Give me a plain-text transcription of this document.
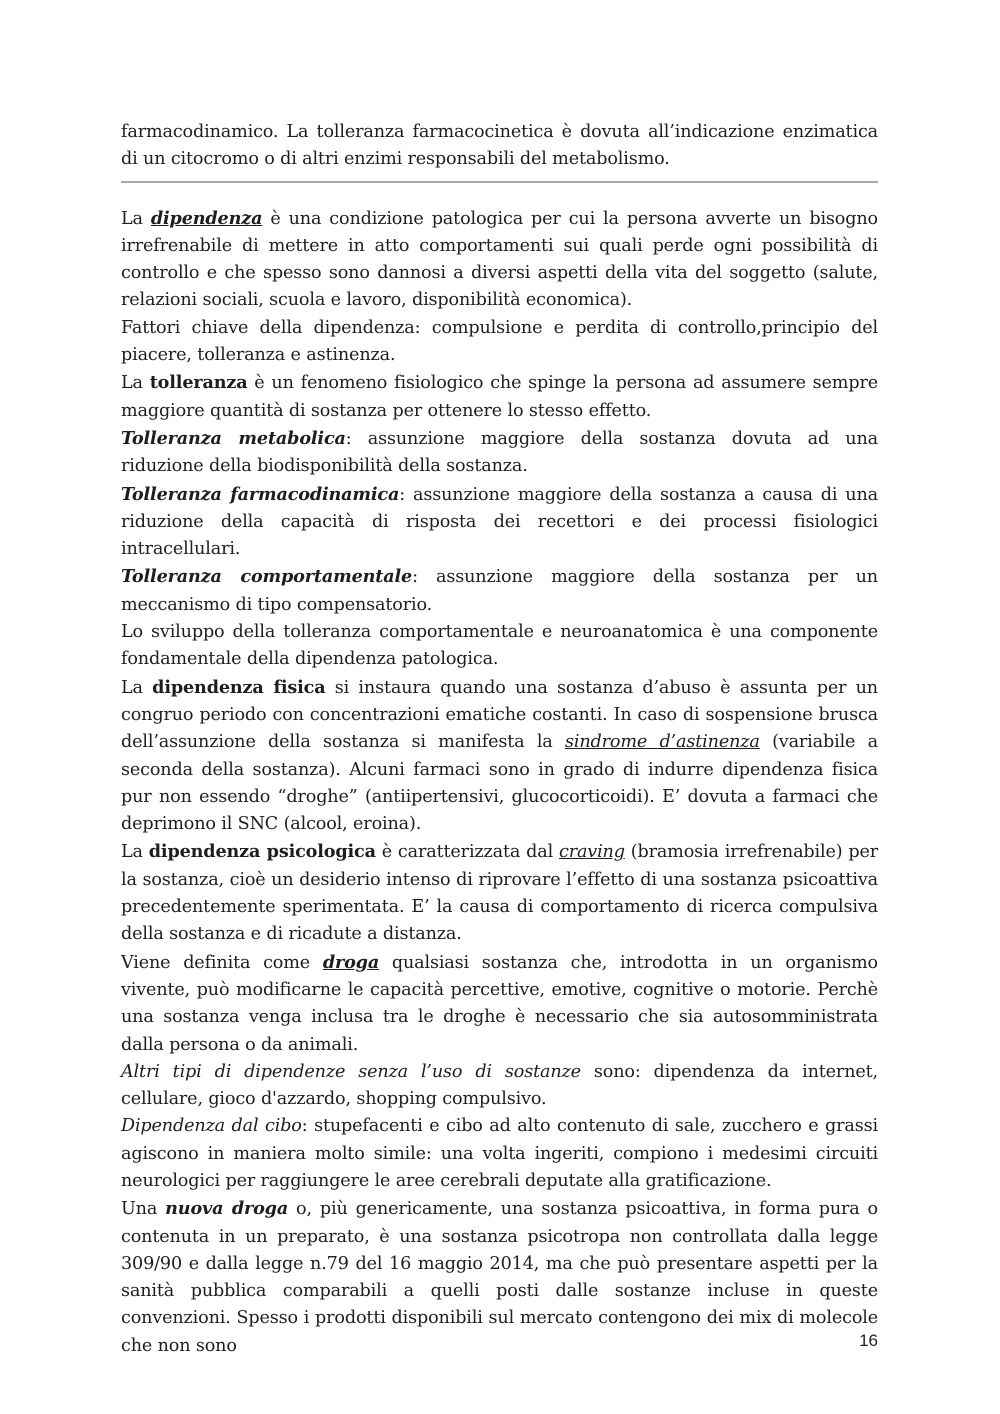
farmacodinamico. La tolleranza farmacocinetica è dovuta all’indicazione enzimatica di un citocromo o di altri enzimi responsabili del metabolismo.

La dipendenza è una condizione patologica per cui la persona avverte un bisogno irrefrenabile di mettere in atto comportamenti sui quali perde ogni possibilità di controllo e che spesso sono dannosi a diversi aspetti della vita del soggetto (salute, relazioni sociali, scuola e lavoro, disponibilità economica).

Fattori chiave della dipendenza: compulsione e perdita di controllo,principio del piacere, tolleranza e astinenza.

La tolleranza è un fenomeno fisiologico che spinge la persona ad assumere sempre maggiore quantità di sostanza per ottenere lo stesso effetto.

Tolleranza metabolica: assunzione maggiore della sostanza dovuta ad una riduzione della biodisponibilità della sostanza.

Tolleranza farmacodinamica: assunzione maggiore della sostanza a causa di una riduzione della capacità di risposta dei recettori e dei processi fisiologici intracellulari.

Tolleranza comportamentale: assunzione maggiore della sostanza per un meccanismo di tipo compensatorio.

Lo sviluppo della tolleranza comportamentale e neuroanatomica è una componente fondamentale della dipendenza patologica.

La dipendenza fisica si instaura quando una sostanza d’abuso è assunta per un congruo periodo con concentrazioni ematiche costanti. In caso di sospensione brusca dell’assunzione della sostanza si manifesta la sindrome d’astinenza (variabile a seconda della sostanza). Alcuni farmaci sono in grado di indurre dipendenza fisica pur non essendo “droghe” (antiipertensivi, glucocorticoidi). E’ dovuta a farmaci che deprimono il SNC (alcool, eroina).

La dipendenza psicologica è caratterizzata dal craving (bramosia irrefrenabile) per la sostanza, cioè un desiderio intenso di riprovare l’effetto di una sostanza psicoattiva precedentemente sperimentata. E’ la causa di comportamento di ricerca compulsiva della sostanza e di ricadute a distanza.

Viene definita come droga qualsiasi sostanza che, introdotta in un organismo vivente, può modificarne le capacità percettive, emotive, cognitive o motorie. Perchè una sostanza venga inclusa tra le droghe è necessario che sia autosomministrata dalla persona o da animali.

Altri tipi di dipendenze senza l’uso di sostanze sono: dipendenza da internet, cellulare, gioco d'azzardo, shopping compulsivo.

Dipendenza dal cibo: stupefacenti e cibo ad alto contenuto di sale, zucchero e grassi agiscono in maniera molto simile: una volta ingeriti, compiono i medesimi circuiti neurologici per raggiungere le aree cerebrali deputate alla gratificazione.

Una nuova droga o, più genericamente, una sostanza psicoattiva, in forma pura o contenuta in un preparato, è una sostanza psicotropa non controllata dalla legge 309/90 e dalla legge n.79 del 16 maggio 2014, ma che può presentare aspetti per la sanità pubblica comparabili a quelli posti dalle sostanze incluse in queste convenzioni. Spesso i prodotti disponibili sul mercato contengono dei mix di molecole che non sono	16
